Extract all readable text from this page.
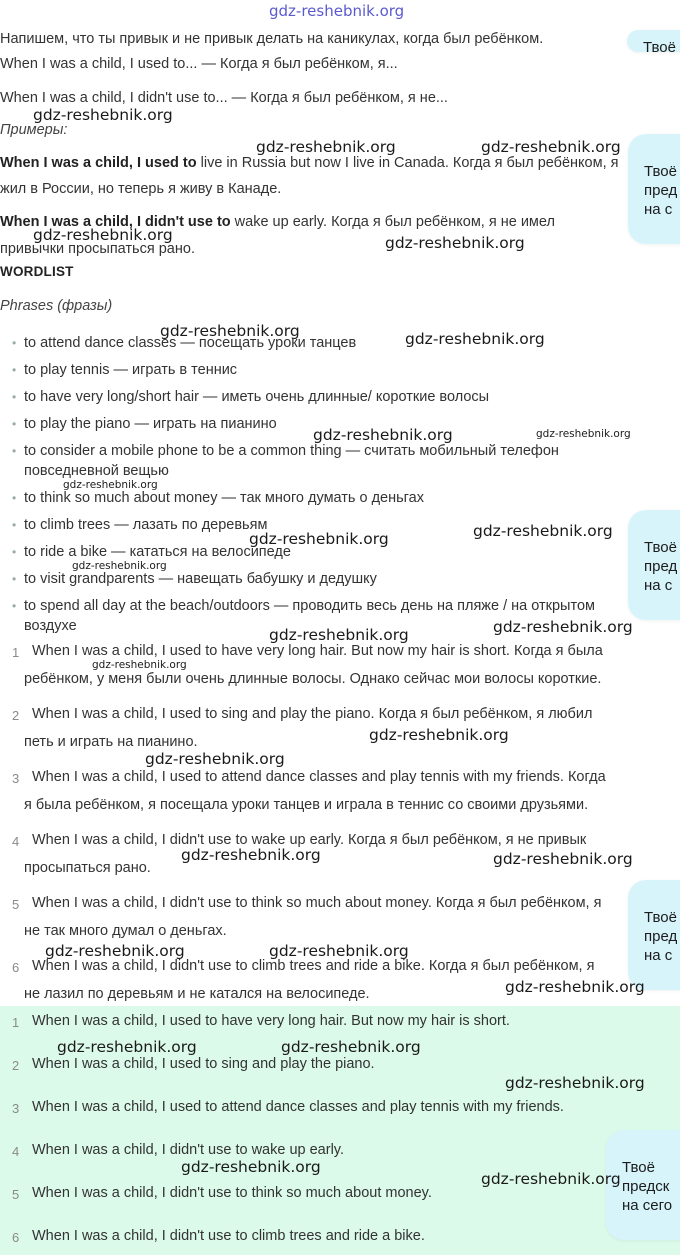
gdz-reshebnik.org
Напишем, что ты привык и не привык делать на каникулах, когда был ребёнком.
When I was a child, I used to... — Когда я был ребёнком, я...
When I was a child, I didn't use to... — Когда я был ребёнком, я не...
Примеры:
When I was a child, I used to live in Russia but now I live in Canada. Когда я был ребёнком, я
жил в России, но теперь я живу в Канаде.
When I was a child, I didn't use to wake up early. Когда я был ребёнком, я не имел
привычки просыпаться рано.
WORDLIST
Phrases (фразы)
to attend dance classes — посещать уроки танцев
to play tennis — играть в теннис
to have very long/short hair — иметь очень длинные/ короткие волосы
to play the piano — играть на пианино
to consider a mobile phone to be a common thing — считать мобильный телефон
повседневной вещью
to think so much about money — так много думать о деньгах
to climb trees — лазать по деревьям
to ride a bike — кататься на велосипеде
to visit grandparents — навещать бабушку и дедушку
to spend all day at the beach/outdoors — проводить весь день на пляже / на открытом
воздухе
1 When I was a child, I used to have very long hair. But now my hair is short. Когда я была
ребёнком, у меня были очень длинные волосы. Однако сейчас мои волосы короткие.
2 When I was a child, I used to sing and play the piano. Когда я был ребёнком, я любил
петь и играть на пианино.
3 When I was a child, I used to attend dance classes and play tennis with my friends. Когда
я была ребёнком, я посещала уроки танцев и играла в теннис со своими друзьями.
4 When I was a child, I didn't use to wake up early. Когда я был ребёнком, я не привык
просыпаться рано.
5 When I was a child, I didn't use to think so much about money. Когда я был ребёнком, я
не так много думал о деньгах.
6 When I was a child, I didn't use to climb trees and ride a bike. Когда я был ребёнком, я
не лазил по деревьям и не катался на велосипеде.
1 When I was a child, I used to have very long hair. But now my hair is short.
2 When I was a child, I used to sing and play the piano.
3 When I was a child, I used to attend dance classes and play tennis with my friends.
4 When I was a child, I didn't use to wake up early.
5 When I was a child, I didn't use to think so much about money.
6 When I was a child, I didn't use to climb trees and ride a bike.
Твоё
Твоё
пред
на с
Твоё
пред
на с
Твоё
пред
на с
Твоё
предск
на сего
gdz-reshebnik.org
gdz-reshebnik.org	gdz-reshebnik.org
gdz-reshebnik.org	gdz-reshebnik.org
gdz-reshebnik.org	gdz-reshebnik.org
gdz-reshebnik.org	gdz-reshebnik.org
gdz-reshebnik.org
gdz-reshebnik.org	gdz-reshebnik.org
gdz-reshebnik.org
gdz-reshebnik.org	gdz-reshebnik.org
gdz-reshebnik.org
gdz-reshebnik.org
gdz-reshebnik.org
gdz-reshebnik.org	gdz-reshebnik.org
gdz-reshebnik.org	gdz-reshebnik.org
gdz-reshebnik.org
gdz-reshebnik.org	gdz-reshebnik.org
gdz-reshebnik.org
gdz-reshebnik.org
gdz-reshebnik.org
